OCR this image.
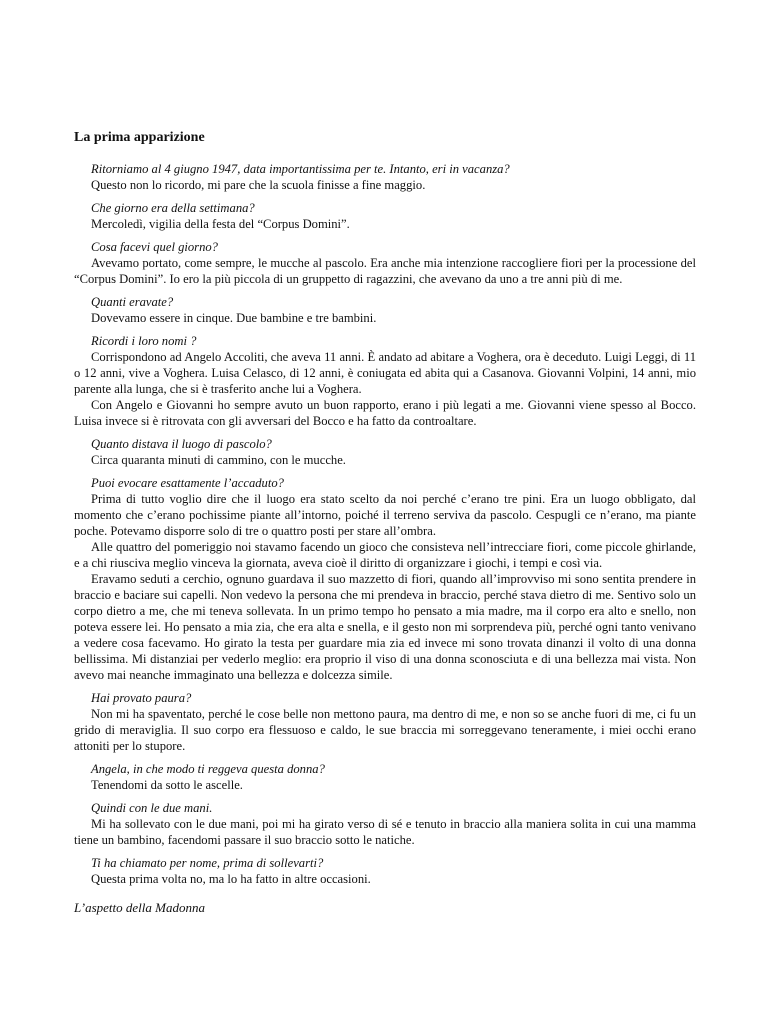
La prima apparizione

Ritorniamo al 4 giugno 1947, data importantissima per te. Intanto, eri in vacanza?

Questo non lo ricordo, mi pare che la scuola finisse a fine maggio.

Che giorno era della settimana?

Mercoledì, vigilia della festa del “Corpus Domini”.

Cosa facevi quel giorno?

Avevamo portato, come sempre, le mucche al pascolo. Era anche mia intenzione raccogliere fiori per la processione del “Corpus Domini”. Io ero la più piccola di un gruppetto di ragazzini, che avevano da uno a tre anni più di me.

Quanti eravate?

Dovevamo essere in cinque. Due bambine e tre bambini.

Ricordi i loro nomi ?

Corrispondono ad Angelo Accoliti, che aveva 11 anni. È andato ad abitare a Voghera, ora è deceduto. Luigi Leggi, di 11 o 12 anni, vive a Voghera. Luisa Celasco, di 12 anni, è coniugata ed abita qui a Casanova. Giovanni Volpini, 14 anni, mio parente alla lunga, che si è trasferito anche lui a Voghera.

Con Angelo e Giovanni ho sempre avuto un buon rapporto, erano i più legati a me. Giovanni viene spesso al Bocco. Luisa invece si è ritrovata con gli avversari del Bocco e ha fatto da controaltare.

Quanto distava il luogo di pascolo?

Circa quaranta minuti di cammino, con le mucche.

Puoi evocare esattamente l’accaduto?

Prima di tutto voglio dire che il luogo era stato scelto da noi perché c’erano tre pini. Era un luogo obbligato, dal momento che c’erano pochissime piante all’intorno, poiché il terreno serviva da pascolo. Cespugli ce n’erano, ma piante poche. Potevamo disporre solo di tre o quattro posti per stare all’ombra.

Alle quattro del pomeriggio noi stavamo facendo un gioco che consisteva nell’intrecciare fiori, come piccole ghirlande, e a chi riusciva meglio vinceva la giornata, aveva cioè il diritto di organizzare i giochi, i tempi e così via.

Eravamo seduti a cerchio, ognuno guardava il suo mazzetto di fiori, quando all’improvviso mi sono sentita prendere in braccio e baciare sui capelli. Non vedevo la persona che mi prendeva in braccio, perché stava dietro di me. Sentivo solo un corpo dietro a me, che mi teneva sollevata. In un primo tempo ho pensato a mia madre, ma il corpo era alto e snello, non poteva essere lei. Ho pensato a mia zia, che era alta e snella, e il gesto non mi sorprendeva più, perché ogni tanto venivano a vedere cosa facevamo. Ho girato la testa per guardare mia zia ed invece mi sono trovata dinanzi il volto di una donna bellissima. Mi distanziai per vederlo meglio: era proprio il viso di una donna sconosciuta e di una bellezza mai vista. Non avevo mai neanche immaginato una bellezza e dolcezza simile.

Hai provato paura?

Non mi ha spaventato, perché le cose belle non mettono paura, ma dentro di me, e non so se anche fuori di me, ci fu un grido di meraviglia. Il suo corpo era flessuoso e caldo, le sue braccia mi sorreggevano teneramente, i miei occhi erano attoniti per lo stupore.

Angela, in che modo ti reggeva questa donna?

Tenendomi da sotto le ascelle.

Quindi con le due mani.

Mi ha sollevato con le due mani, poi mi ha girato verso di sé e tenuto in braccio alla maniera solita in cui una mamma tiene un bambino, facendomi passare il suo braccio sotto le natiche.

Ti ha chiamato per nome, prima di sollevarti?

Questa prima volta no, ma lo ha fatto in altre occasioni.

L’aspetto della Madonna
